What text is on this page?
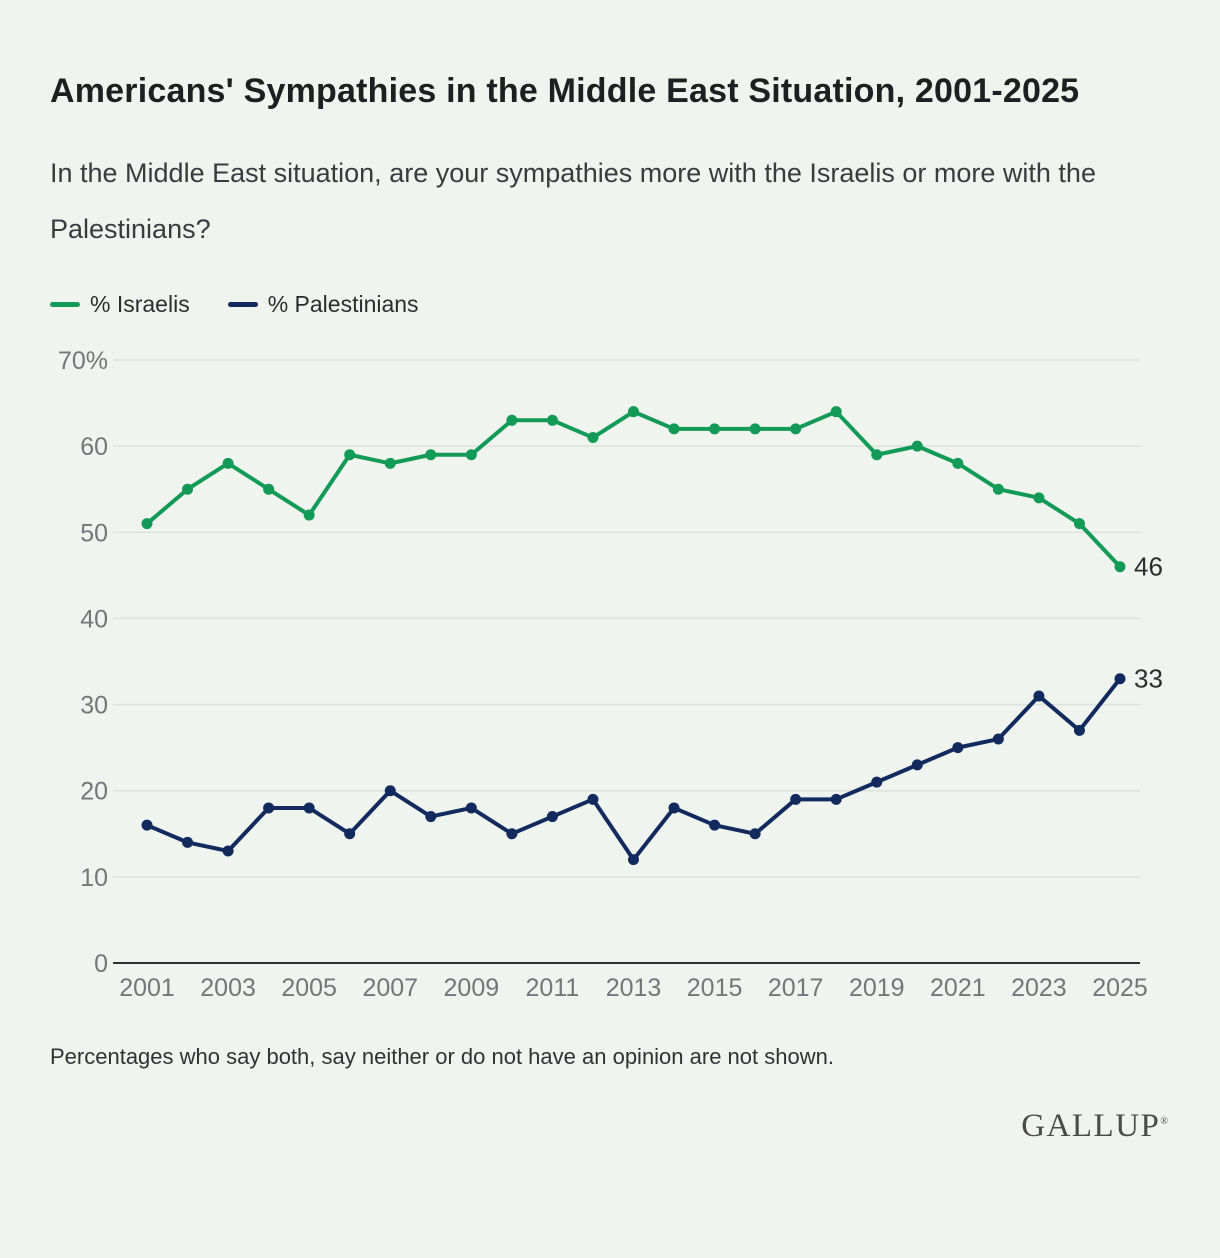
Americans' Sympathies in the Middle East Situation, 2001-2025

In the Middle East situation, are your sympathies more with the Israelis or more with the Palestinians?

% Israelis	% Palestinians
0
10
20
30
40
50
60
70%
2001 2003 2005 2007 2009 2011 2013 2015 2017 2019 2021 2023 2025
46
33

Percentages who say both, say neither or do not have an opinion are not shown.

GALLUP®
